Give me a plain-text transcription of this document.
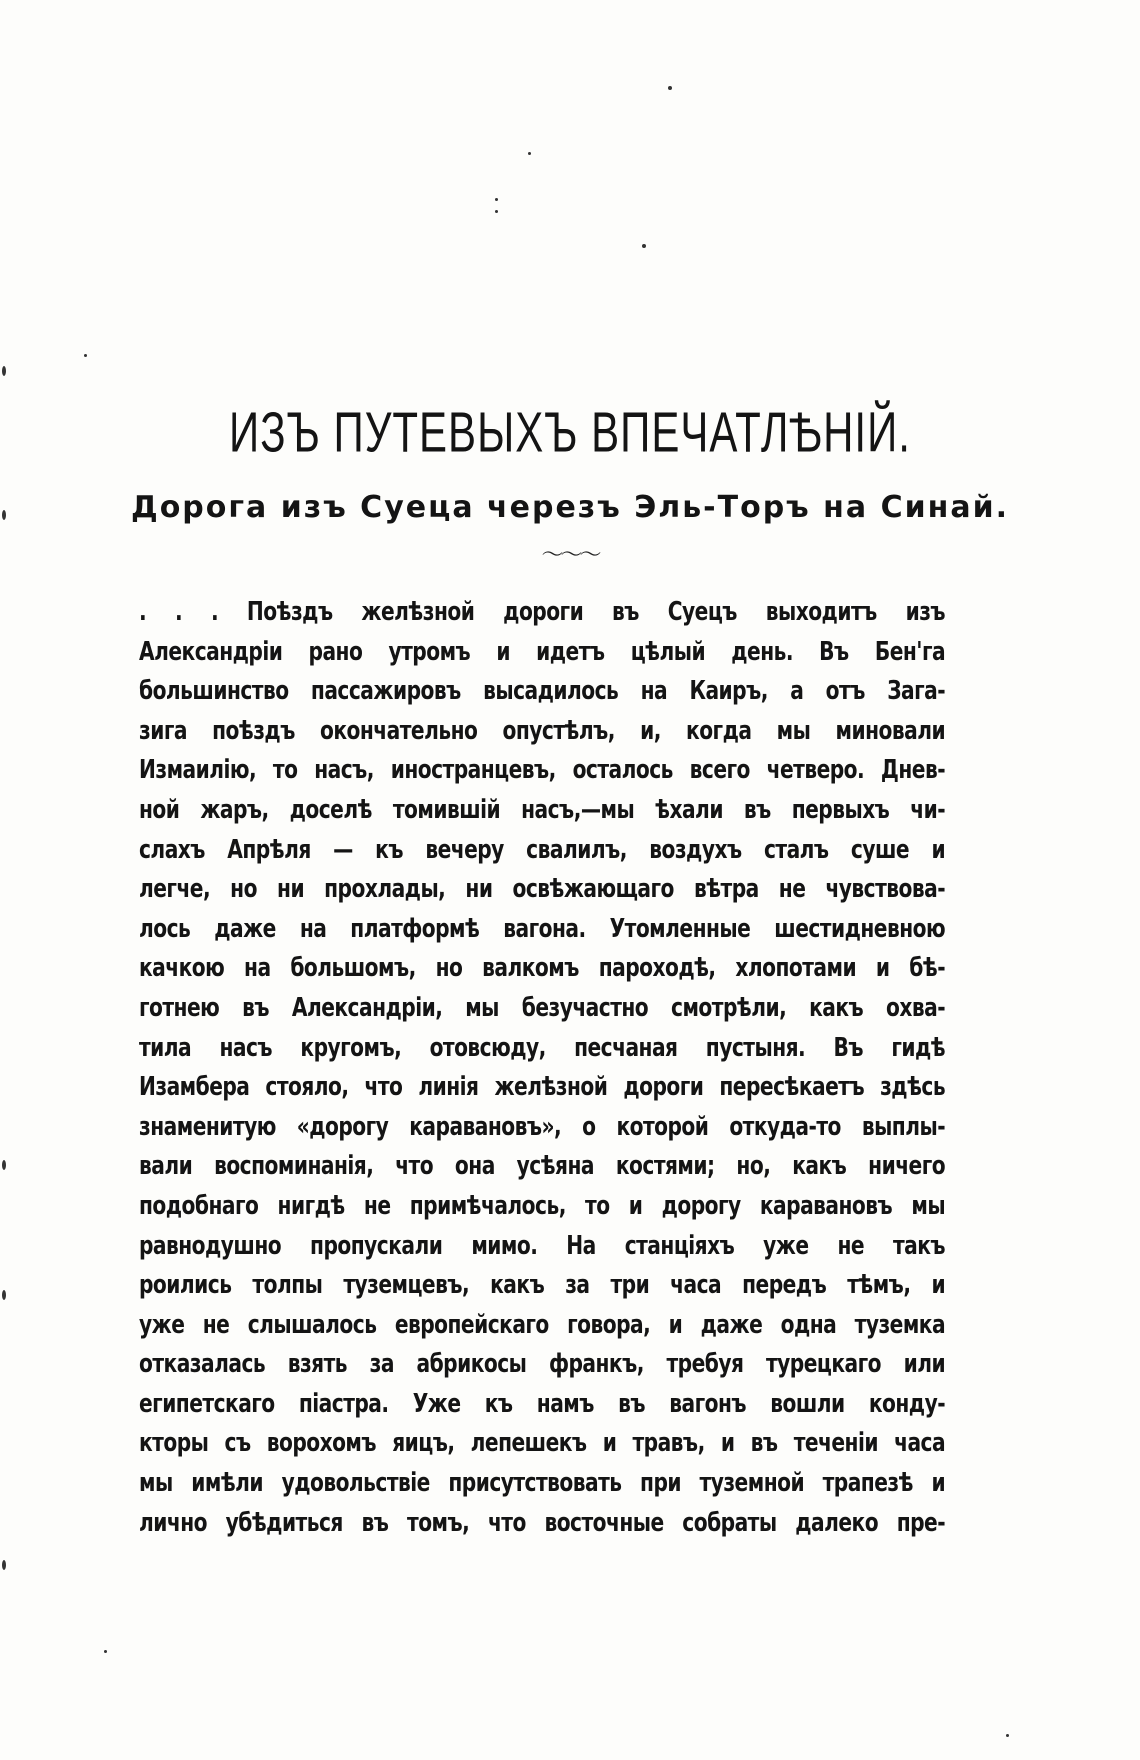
ИЗЪ ПУТЕВЫХЪ ВПЕЧАТЛѢНІЙ.
Дорога изъ Суеца черезъ Эль-Торъ на Синай.
〜〜〜
. . . Поѣздъ желѣзной дороги въ Суецъ выходитъ изъ
Александріи рано утромъ и идетъ цѣлый день. Въ Бен'га
большинство пассажировъ высадилось на Каиръ, а отъ Зага-
зига поѣздъ окончательно опустѣлъ, и, когда мы миновали
Измаилію, то насъ, иностранцевъ, осталось всего четверо. Днев-
ной жаръ, доселѣ томившій насъ,—мы ѣхали въ первыхъ чи-
слахъ Апрѣля — къ вечеру свалилъ, воздухъ сталъ суше и
легче, но ни прохлады, ни освѣжающаго вѣтра не чувствова-
лось даже на платформѣ вагона. Утомленные шестидневною
качкою на большомъ, но валкомъ пароходѣ, хлопотами и бѣ-
готнею въ Александріи, мы безучастно смотрѣли, какъ охва-
тила насъ кругомъ, отовсюду, песчаная пустыня. Въ гидѣ
Изамбера стояло, что линія желѣзной дороги пересѣкаетъ здѣсь
знаменитую «дорогу каравановъ», о которой откуда-то выплы-
вали воспоминанія, что она усѣяна костями; но, какъ ничего
подобнаго нигдѣ не примѣчалось, то и дорогу каравановъ мы
равнодушно пропускали мимо. На станціяхъ уже не такъ
роились толпы туземцевъ, какъ за три часа передъ тѣмъ, и
уже не слышалось европейскаго говора, и даже одна туземка
отказалась взять за абрикосы франкъ, требуя турецкаго или
египетскаго піастра. Уже къ намъ въ вагонъ вошли конду-
кторы съ ворохомъ яицъ, лепешекъ и травъ, и въ теченіи часа
мы имѣли удовольствіе присутствовать при туземной трапезѣ и
лично убѣдиться въ томъ, что восточные собраты далеко пре-
